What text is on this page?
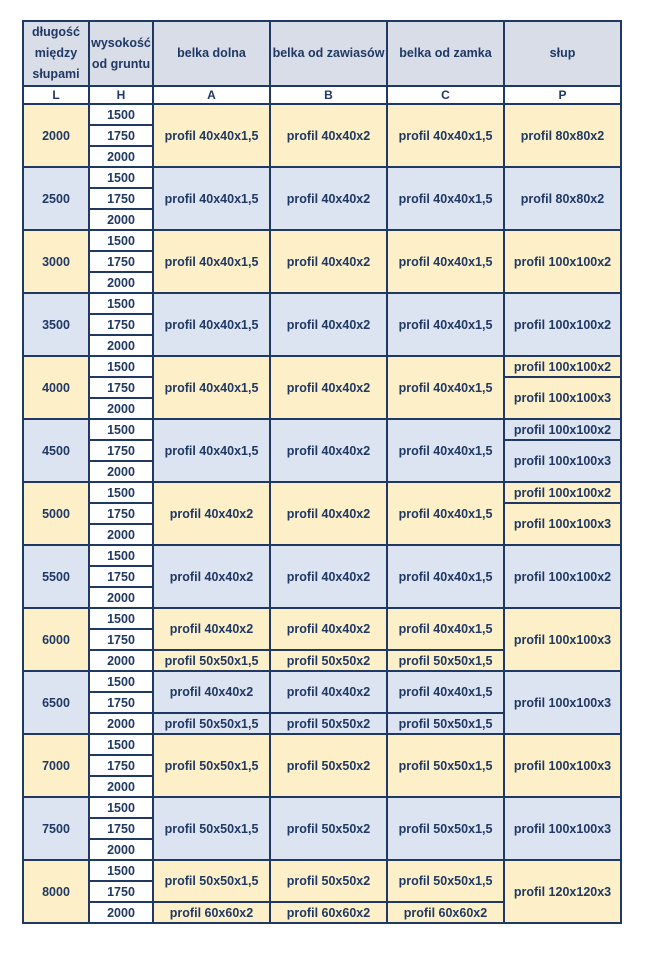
długość między słupami	wysokość od gruntu	belka dolna	belka od zawiasów	belka od zamka	słup
L	H	A	B	C	P
2000	1500	profil 40x40x1,5	profil 40x40x2	profil 40x40x1,5	profil 80x80x2
	1750				
	2000				
2500	1500	profil 40x40x1,5	profil 40x40x2	profil 40x40x1,5	profil 80x80x2
	1750				
	2000				
3000	1500	profil 40x40x1,5	profil 40x40x2	profil 40x40x1,5	profil 100x100x2
	1750				
	2000				
3500	1500	profil 40x40x1,5	profil 40x40x2	profil 40x40x1,5	profil 100x100x2
	1750				
	2000				
4000	1500	profil 40x40x1,5	profil 40x40x2	profil 40x40x1,5	profil 100x100x2
	1750				profil 100x100x3
	2000				
4500	1500	profil 40x40x1,5	profil 40x40x2	profil 40x40x1,5	profil 100x100x2
	1750				profil 100x100x3
	2000				
5000	1500	profil 40x40x2	profil 40x40x2	profil 40x40x1,5	profil 100x100x2
	1750				profil 100x100x3
	2000				
5500	1500	profil 40x40x2	profil 40x40x2	profil 40x40x1,5	profil 100x100x2
	1750				
	2000				
6000	1500	profil 40x40x2	profil 40x40x2	profil 40x40x1,5	profil 100x100x3
	1750				
	2000	profil 50x50x1,5	profil 50x50x2	profil 50x50x1,5	
6500	1500	profil 40x40x2	profil 40x40x2	profil 40x40x1,5	profil 100x100x3
	1750				
	2000	profil 50x50x1,5	profil 50x50x2	profil 50x50x1,5	
7000	1500	profil 50x50x1,5	profil 50x50x2	profil 50x50x1,5	profil 100x100x3
	1750				
	2000				
7500	1500	profil 50x50x1,5	profil 50x50x2	profil 50x50x1,5	profil 100x100x3
	1750				
	2000				
8000	1500	profil 50x50x1,5	profil 50x50x2	profil 50x50x1,5	profil 120x120x3
	1750				
	2000	profil 60x60x2	profil 60x60x2	profil 60x60x2	
